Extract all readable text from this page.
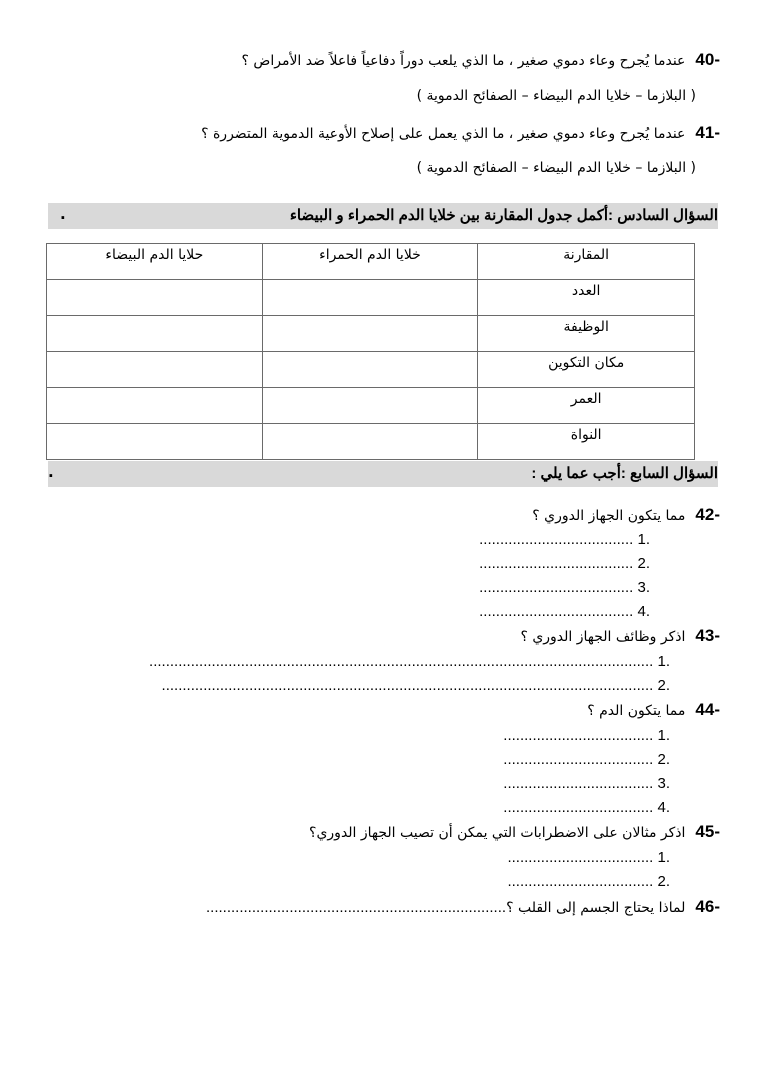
-40عندما يُجرح وعاء دموي صغير ، ما الذي يلعب دوراً دفاعياً فاعلاً ضد الأمراض ؟
( البلازما – خلايا الدم البيضاء – الصفائح الدموية )
-41عندما يُجرح وعاء دموي صغير ، ما الذي يعمل على إصلاح الأوعية الدموية المتضررة ؟
( البلازما – خلايا الدم البيضاء – الصفائح الدموية )
السؤال السادس :أكمل جدول المقارنة بين خلايا الدم الحمراء و البيضاء
.
حلايا الدم البيضاء	خلايا الدم الحمراء	المقارنة

		العدد

		الوظيفة

		مكان التكوين

		العمر

		النواة
السؤال السابع :أجب عما يلي :
.
-42مما يتكون الجهاز الدوري ؟
.1 .....................................
.2 .....................................
.3 .....................................
.4 .....................................
-43اذكر وظائف الجهاز الدوري ؟
.1 .........................................................................................................................
.2 ......................................................................................................................
-44مما يتكون الدم ؟
.1 ....................................
.2 ....................................
.3 ....................................
.4 ....................................
-45اذكر مثالان على الاضطرابات التي يمكن أن تصيب الجهاز الدوري؟
.1 ...................................
.2 ...................................
-46لماذا يحتاج الجسم إلى القلب ؟........................................................................
